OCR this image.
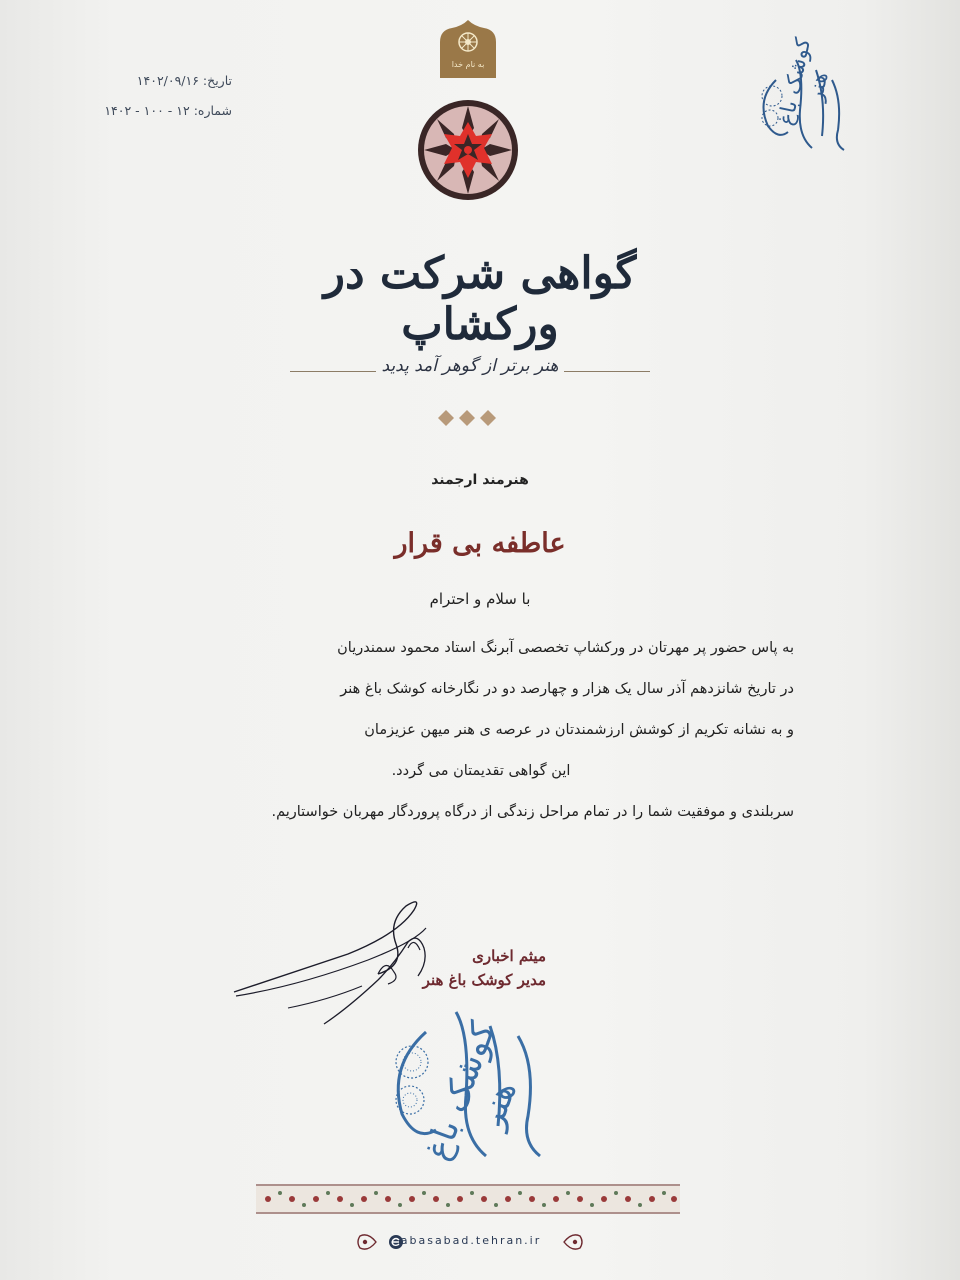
تاریخ: ۱۴۰۲/۰۹/۱۶
شماره: ۱۲ - ۱۰۰ - ۱۴۰۲
به نام خدا	کوشک باغ هنر
گواهی شرکت در ورکشاپ
هنر برتر از گوهر آمد پدید
هنرمند ارجمند
عاطفه بی قرار
با سلام و احترام
به پاس حضور پر مهرتان در ورکشاپ تخصصی آبرنگ استاد محمود سمندریان
در تاریخ شانزدهم آذر سال یک هزار و چهارصد دو در نگارخانه کوشک باغ هنر
و به نشانه تکریم از کوشش ارزشمندتان در عرصه ی هنر میهن عزیزمان
این گواهی تقدیمتان می گردد.
سربلندی و موفقیت شما را در تمام مراحل زندگی از درگاه پروردگار مهربان خواستاریم.
میثم اخباری
مدیر کوشک باغ هنر
کوشک باغ هنر
abasabad.tehran.ir
